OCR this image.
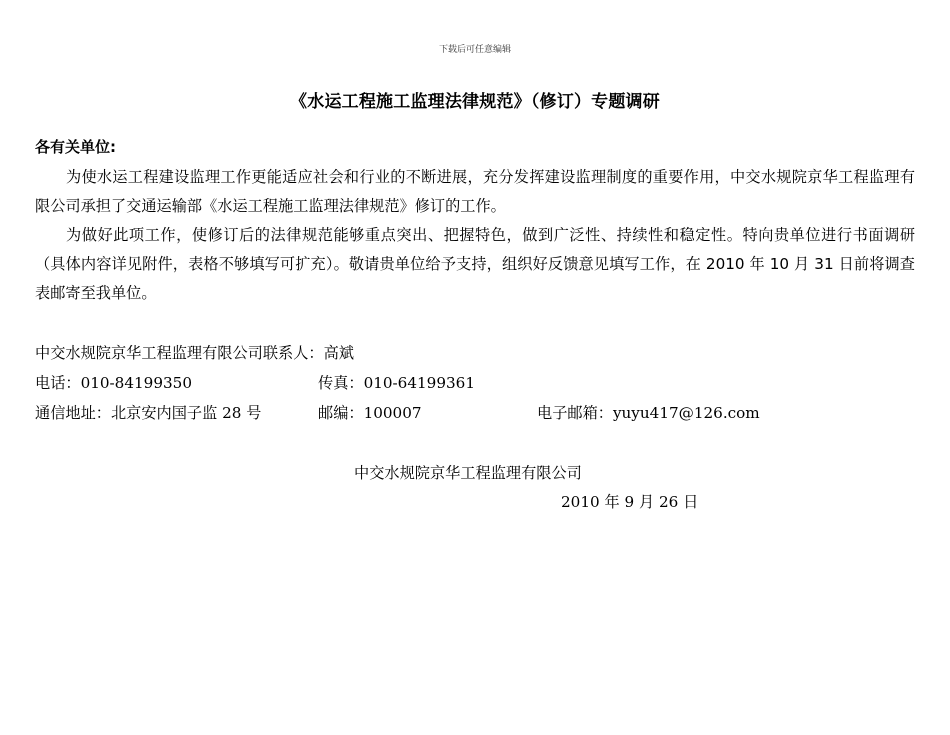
下载后可任意编辑
《水运工程施工监理法律规范》（修订）专题调研
各有关单位:
为使水运工程建设监理工作更能适应社会和行业的不断进展，充分发挥建设监理制度的重要作用，中交水规院京华工程监理有限公司承担了交通运输部《水运工程施工监理法律规范》修订的工作。
为做好此项工作，使修订后的法律规范能够重点突出、把握特色，做到广泛性、持续性和稳定性。特向贵单位进行书面调研（具体内容详见附件，表格不够填写可扩充）。敬请贵单位给予支持，组织好反馈意见填写工作，在 2010 年 10 月 31 日前将调查表邮寄至我单位。
中交水规院京华工程监理有限公司联系人：高斌
电话：010-84199350	传真：010-64199361
通信地址：北京安内国子监 28 号	邮编：100007	电子邮箱：yuyu417@126.com
中交水规院京华工程监理有限公司
2010 年 9 月 26 日
